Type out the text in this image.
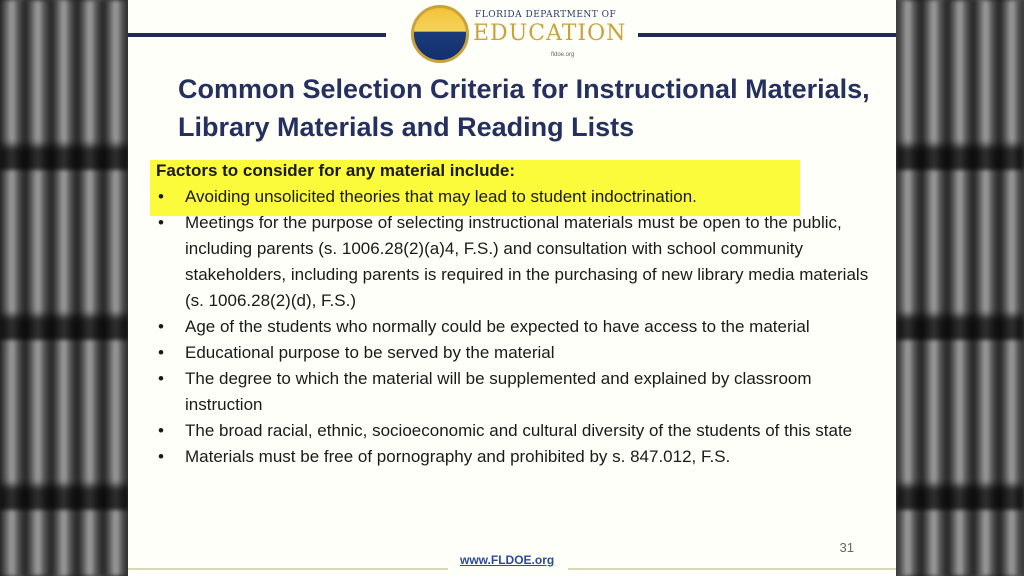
FLORIDA DEPARTMENT OF
EDUCATION
fldoe.org
Common Selection Criteria for Instructional Materials, Library Materials and Reading Lists
Factors to consider for any material include:
• Avoiding unsolicited theories that may lead to student indoctrination.
• Meetings for the purpose of selecting instructional materials must be open to the public, including parents (s. 1006.28(2)(a)4, F.S.) and consultation with school community stakeholders, including parents is required in the purchasing of new library media materials (s. 1006.28(2)(d), F.S.)
• Age of the students who normally could be expected to have access to the material
• Educational purpose to be served by the material
• The degree to which the material will be supplemented and explained by classroom instruction
• The broad racial, ethnic, socioeconomic and cultural diversity of the students of this state
• Materials must be free of pornography and prohibited by s. 847.012, F.S.
31
www.FLDOE.org
